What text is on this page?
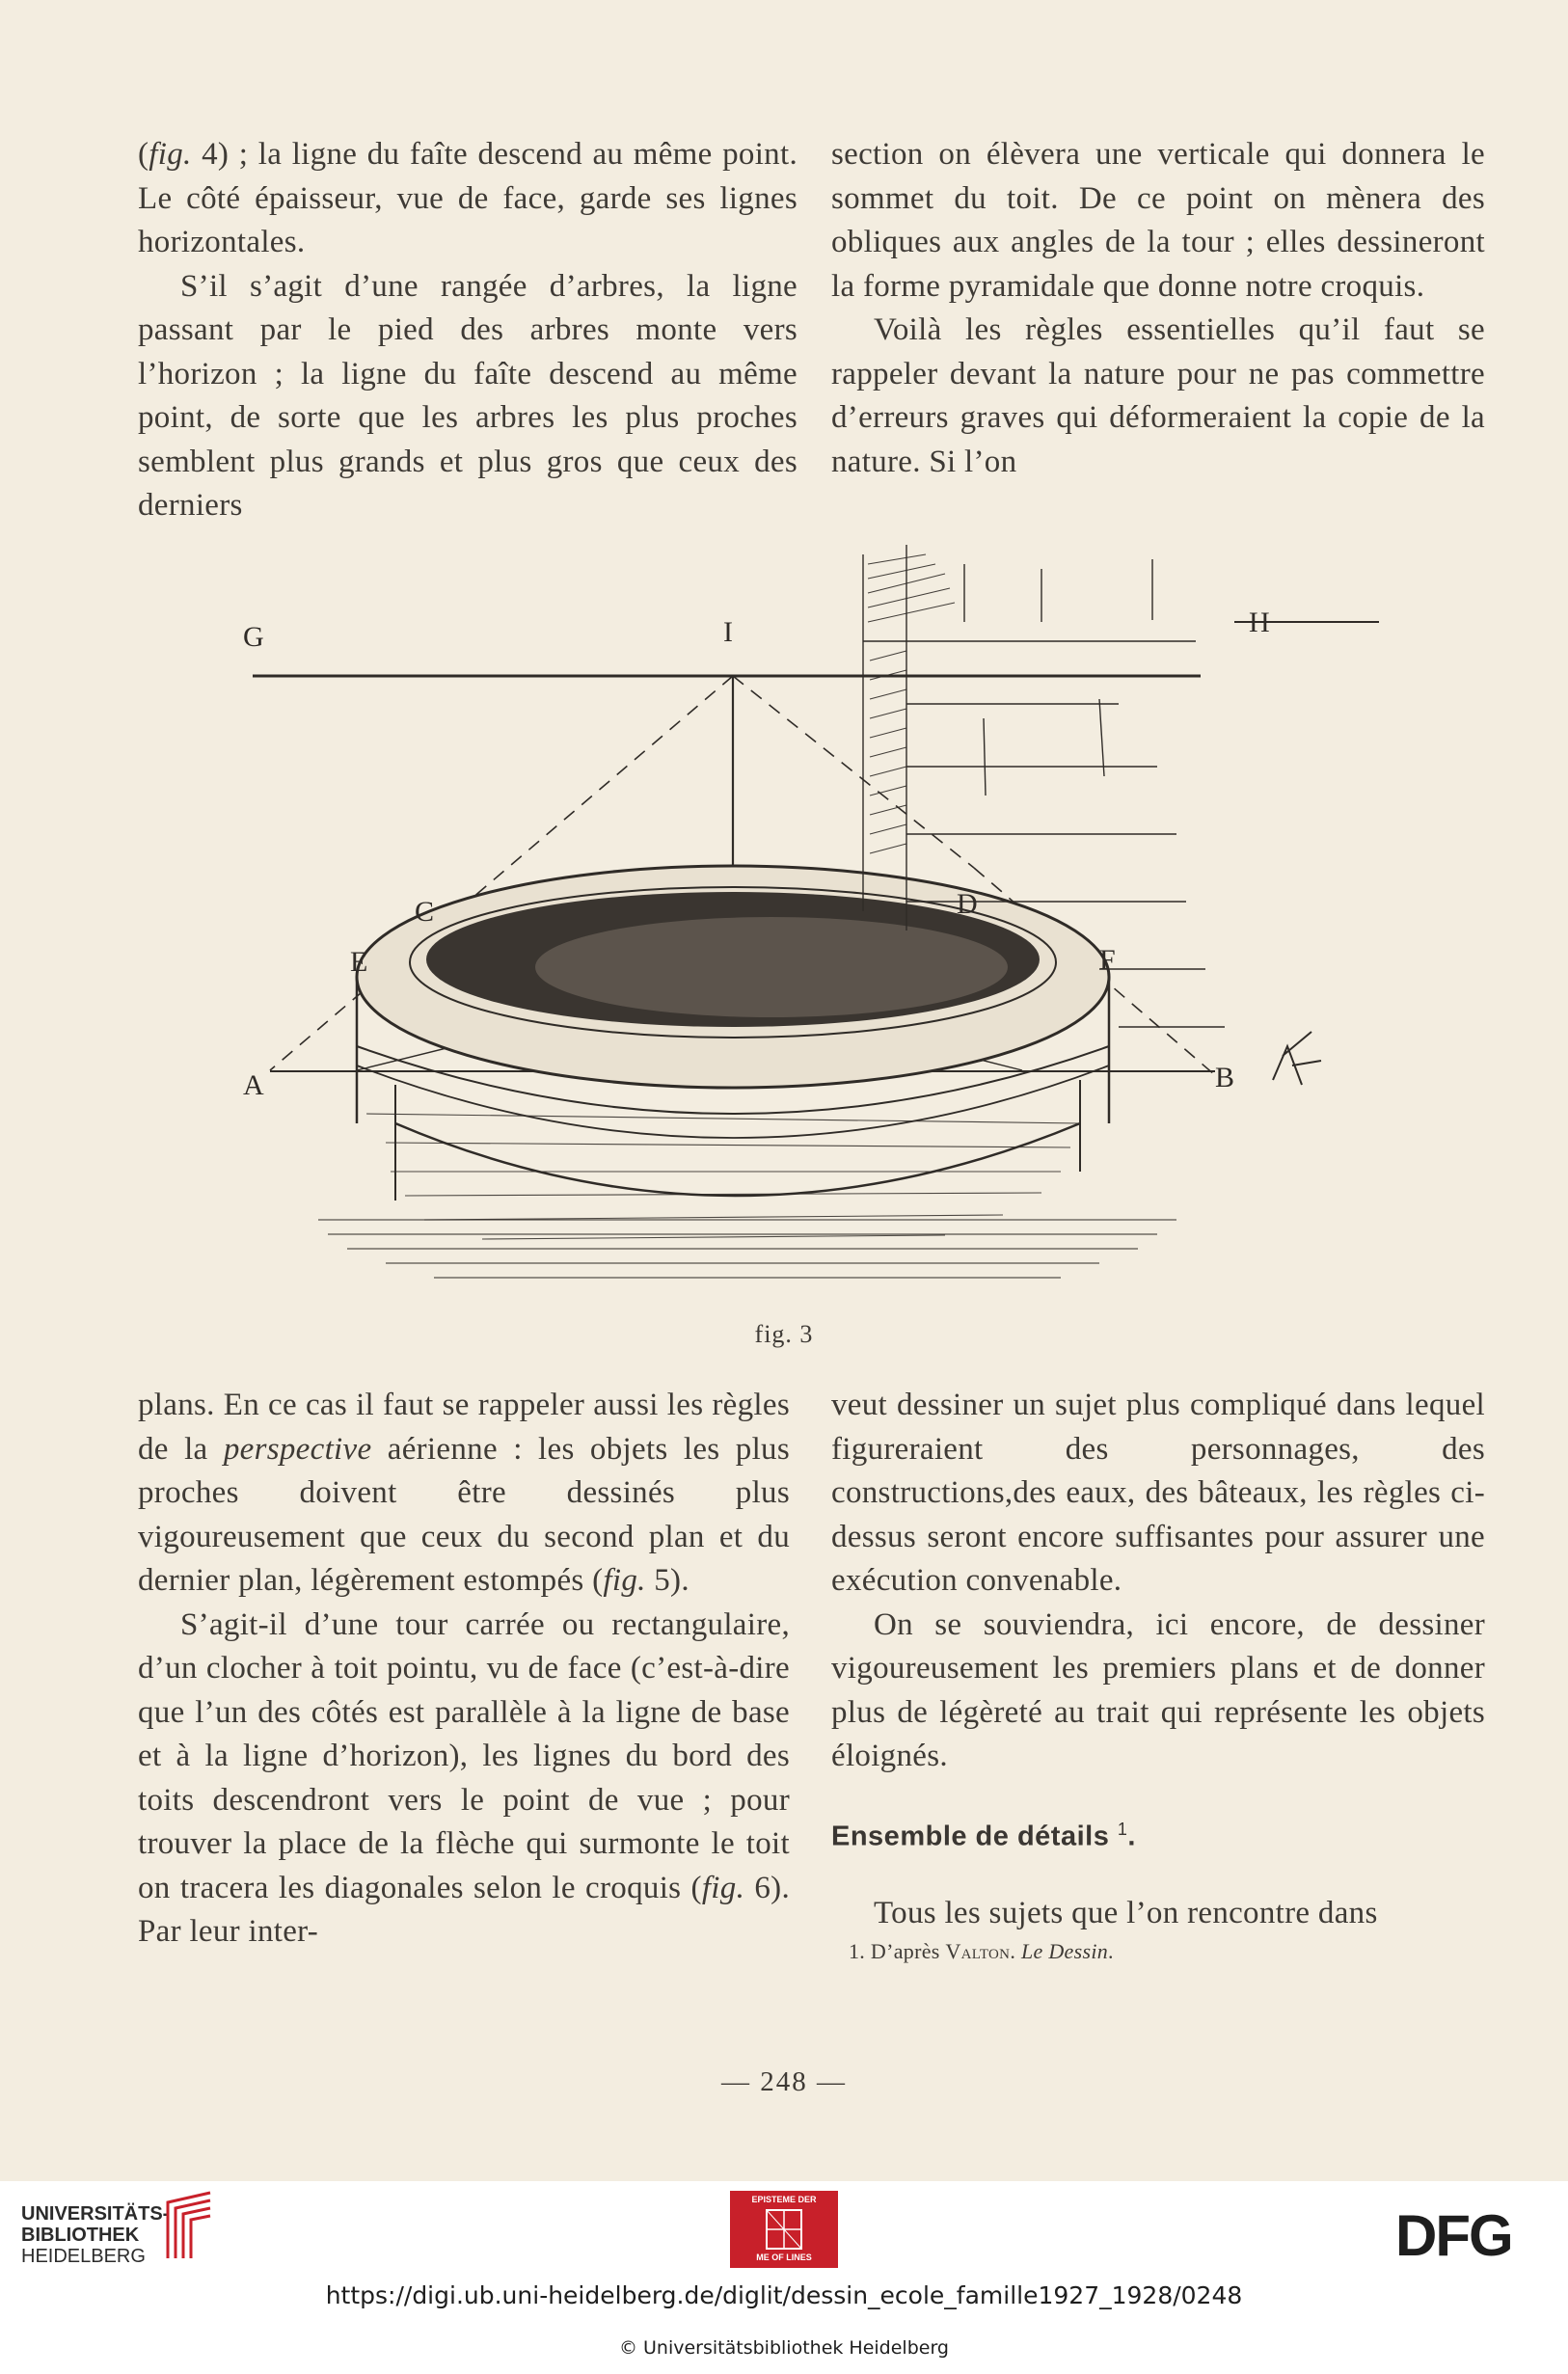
(fig. 4) ; la ligne du faîte descend au même point. Le côté épaisseur, vue de face, garde ses lignes horizontales.

S’il s’agit d’une rangée d’arbres, la ligne passant par le pied des arbres monte vers l’horizon ; la ligne du faîte descend au même point, de sorte que les arbres les plus proches semblent plus grands et plus gros que ceux des derniers

section on élèvera une verticale qui donnera le sommet du toit. De ce point on mènera des obliques aux angles de la tour ; elles dessineront la forme pyramidale que donne notre croquis.

Voilà les règles essentielles qu’il faut se rappeler devant la nature pour ne pas commettre d’erreurs graves qui déformeraient la copie de la nature. Si l’on

G	I	H
C	D
E	F
A	B
fig. 3

plans. En ce cas il faut se rappeler aussi les règles de la perspective aérienne : les objets les plus proches doivent être dessinés plus vigoureusement que ceux du second plan et du dernier plan, légèrement estompés (fig. 5).

S’agit-il d’une tour carrée ou rectangulaire, d’un clocher à toit pointu, vu de face (c’est-à-dire que l’un des côtés est parallèle à la ligne de base et à la ligne d’horizon), les lignes du bord des toits descendront vers le point de vue ; pour trouver la place de la flèche qui surmonte le toit on tracera les diagonales selon le croquis (fig. 6). Par leur inter-

veut dessiner un sujet plus compliqué dans lequel figureraient des personnages, des constructions,des eaux, des bâteaux, les règles ci-dessus seront encore suffisantes pour assurer une exécution convenable.

On se souviendra, ici encore, de dessiner vigoureusement les premiers plans et de donner plus de légèreté au trait qui représente les objets éloignés.

Ensemble de détails $^1$.

Tous les sujets que l’on rencontre dans

1. D’après Valton. Le Dessin.

— 248 —
UNIVERSITÄTS-
BIBLIOTHEK
HEIDELBERG
EPISTEME DER
ME OF LINES	DFG
https://digi.ub.uni-heidelberg.de/diglit/dessin_ecole_famille1927_1928/0248
© Universitätsbibliothek Heidelberg
